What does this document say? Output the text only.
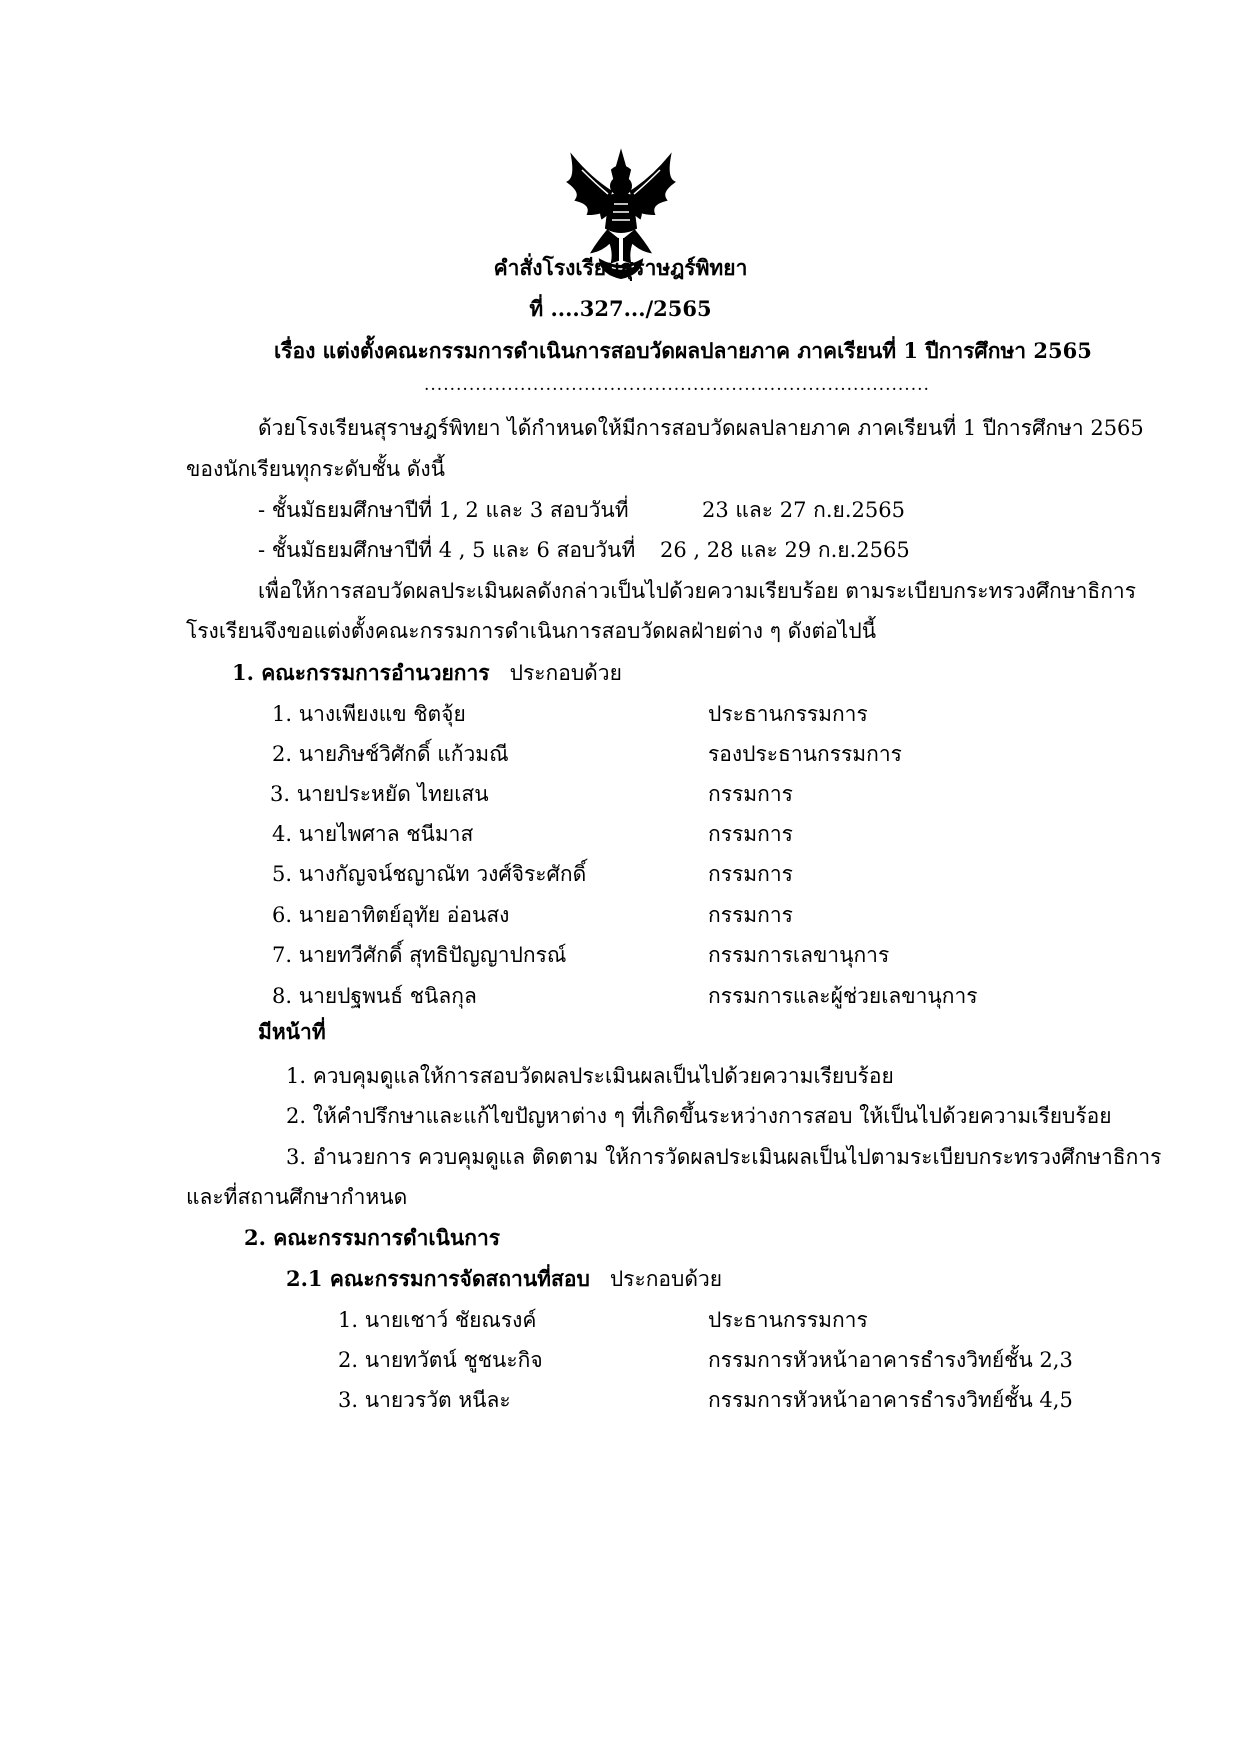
คำสั่งโรงเรียนสุราษฎร์พิทยา
ที่ ....327.../2565
เรื่อง แต่งตั้งคณะกรรมการดำเนินการสอบวัดผลปลายภาค ภาคเรียนที่ 1 ปีการศึกษา 2565
...............................................................................
ด้วยโรงเรียนสุราษฎร์พิทยา ได้กำหนดให้มีการสอบวัดผลปลายภาค ภาคเรียนที่ 1 ปีการศึกษา 2565
ของนักเรียนทุกระดับชั้น ดังนี้
- ชั้นมัธยมศึกษาปีที่ 1, 2 และ 3 สอบวันที่	23 และ 27 ก.ย.2565
- ชั้นมัธยมศึกษาปีที่ 4 , 5 และ 6 สอบวันที่ 26 , 28 และ 29 ก.ย.2565
เพื่อให้การสอบวัดผลประเมินผลดังกล่าวเป็นไปด้วยความเรียบร้อย ตามระเบียบกระทรวงศึกษาธิการ
โรงเรียนจึงขอแต่งตั้งคณะกรรมการดำเนินการสอบวัดผลฝ่ายต่าง ๆ ดังต่อไปนี้
1. คณะกรรมการอำนวยการ ประกอบด้วย
1. นางเพียงแข ชิตจุ้ย	ประธานกรรมการ
2. นายภิษช์วิศักดิ์ แก้วมณี	รองประธานกรรมการ
3. นายประหยัด ไทยเสน	กรรมการ
4. นายไพศาล ชนีมาส	กรรมการ
5. นางกัญจน์ชญาณัท วงศ์จิระศักดิ์	กรรมการ
6. นายอาทิตย์อุทัย อ่อนสง	กรรมการ
7. นายทวีศักดิ์ สุทธิปัญญาปกรณ์	กรรมการเลขานุการ
8. นายปฐพนธ์ ชนิลกุล	กรรมการและผู้ช่วยเลขานุการ
มีหน้าที่
1. ควบคุมดูแลให้การสอบวัดผลประเมินผลเป็นไปด้วยความเรียบร้อย
2. ให้คำปรึกษาและแก้ไขปัญหาต่าง ๆ ที่เกิดขึ้นระหว่างการสอบ ให้เป็นไปด้วยความเรียบร้อย
3. อำนวยการ ควบคุมดูแล ติดตาม ให้การวัดผลประเมินผลเป็นไปตามระเบียบกระทรวงศึกษาธิการ
และที่สถานศึกษากำหนด
2. คณะกรรมการดำเนินการ
2.1 คณะกรรมการจัดสถานที่สอบ ประกอบด้วย
1. นายเชาว์ ชัยณรงค์	ประธานกรรมการ
2. นายทวัตน์ ชูชนะกิจ	กรรมการหัวหน้าอาคารธำรงวิทย์ชั้น 2,3
3. นายวรวัต หนีละ	กรรมการหัวหน้าอาคารธำรงวิทย์ชั้น 4,5
